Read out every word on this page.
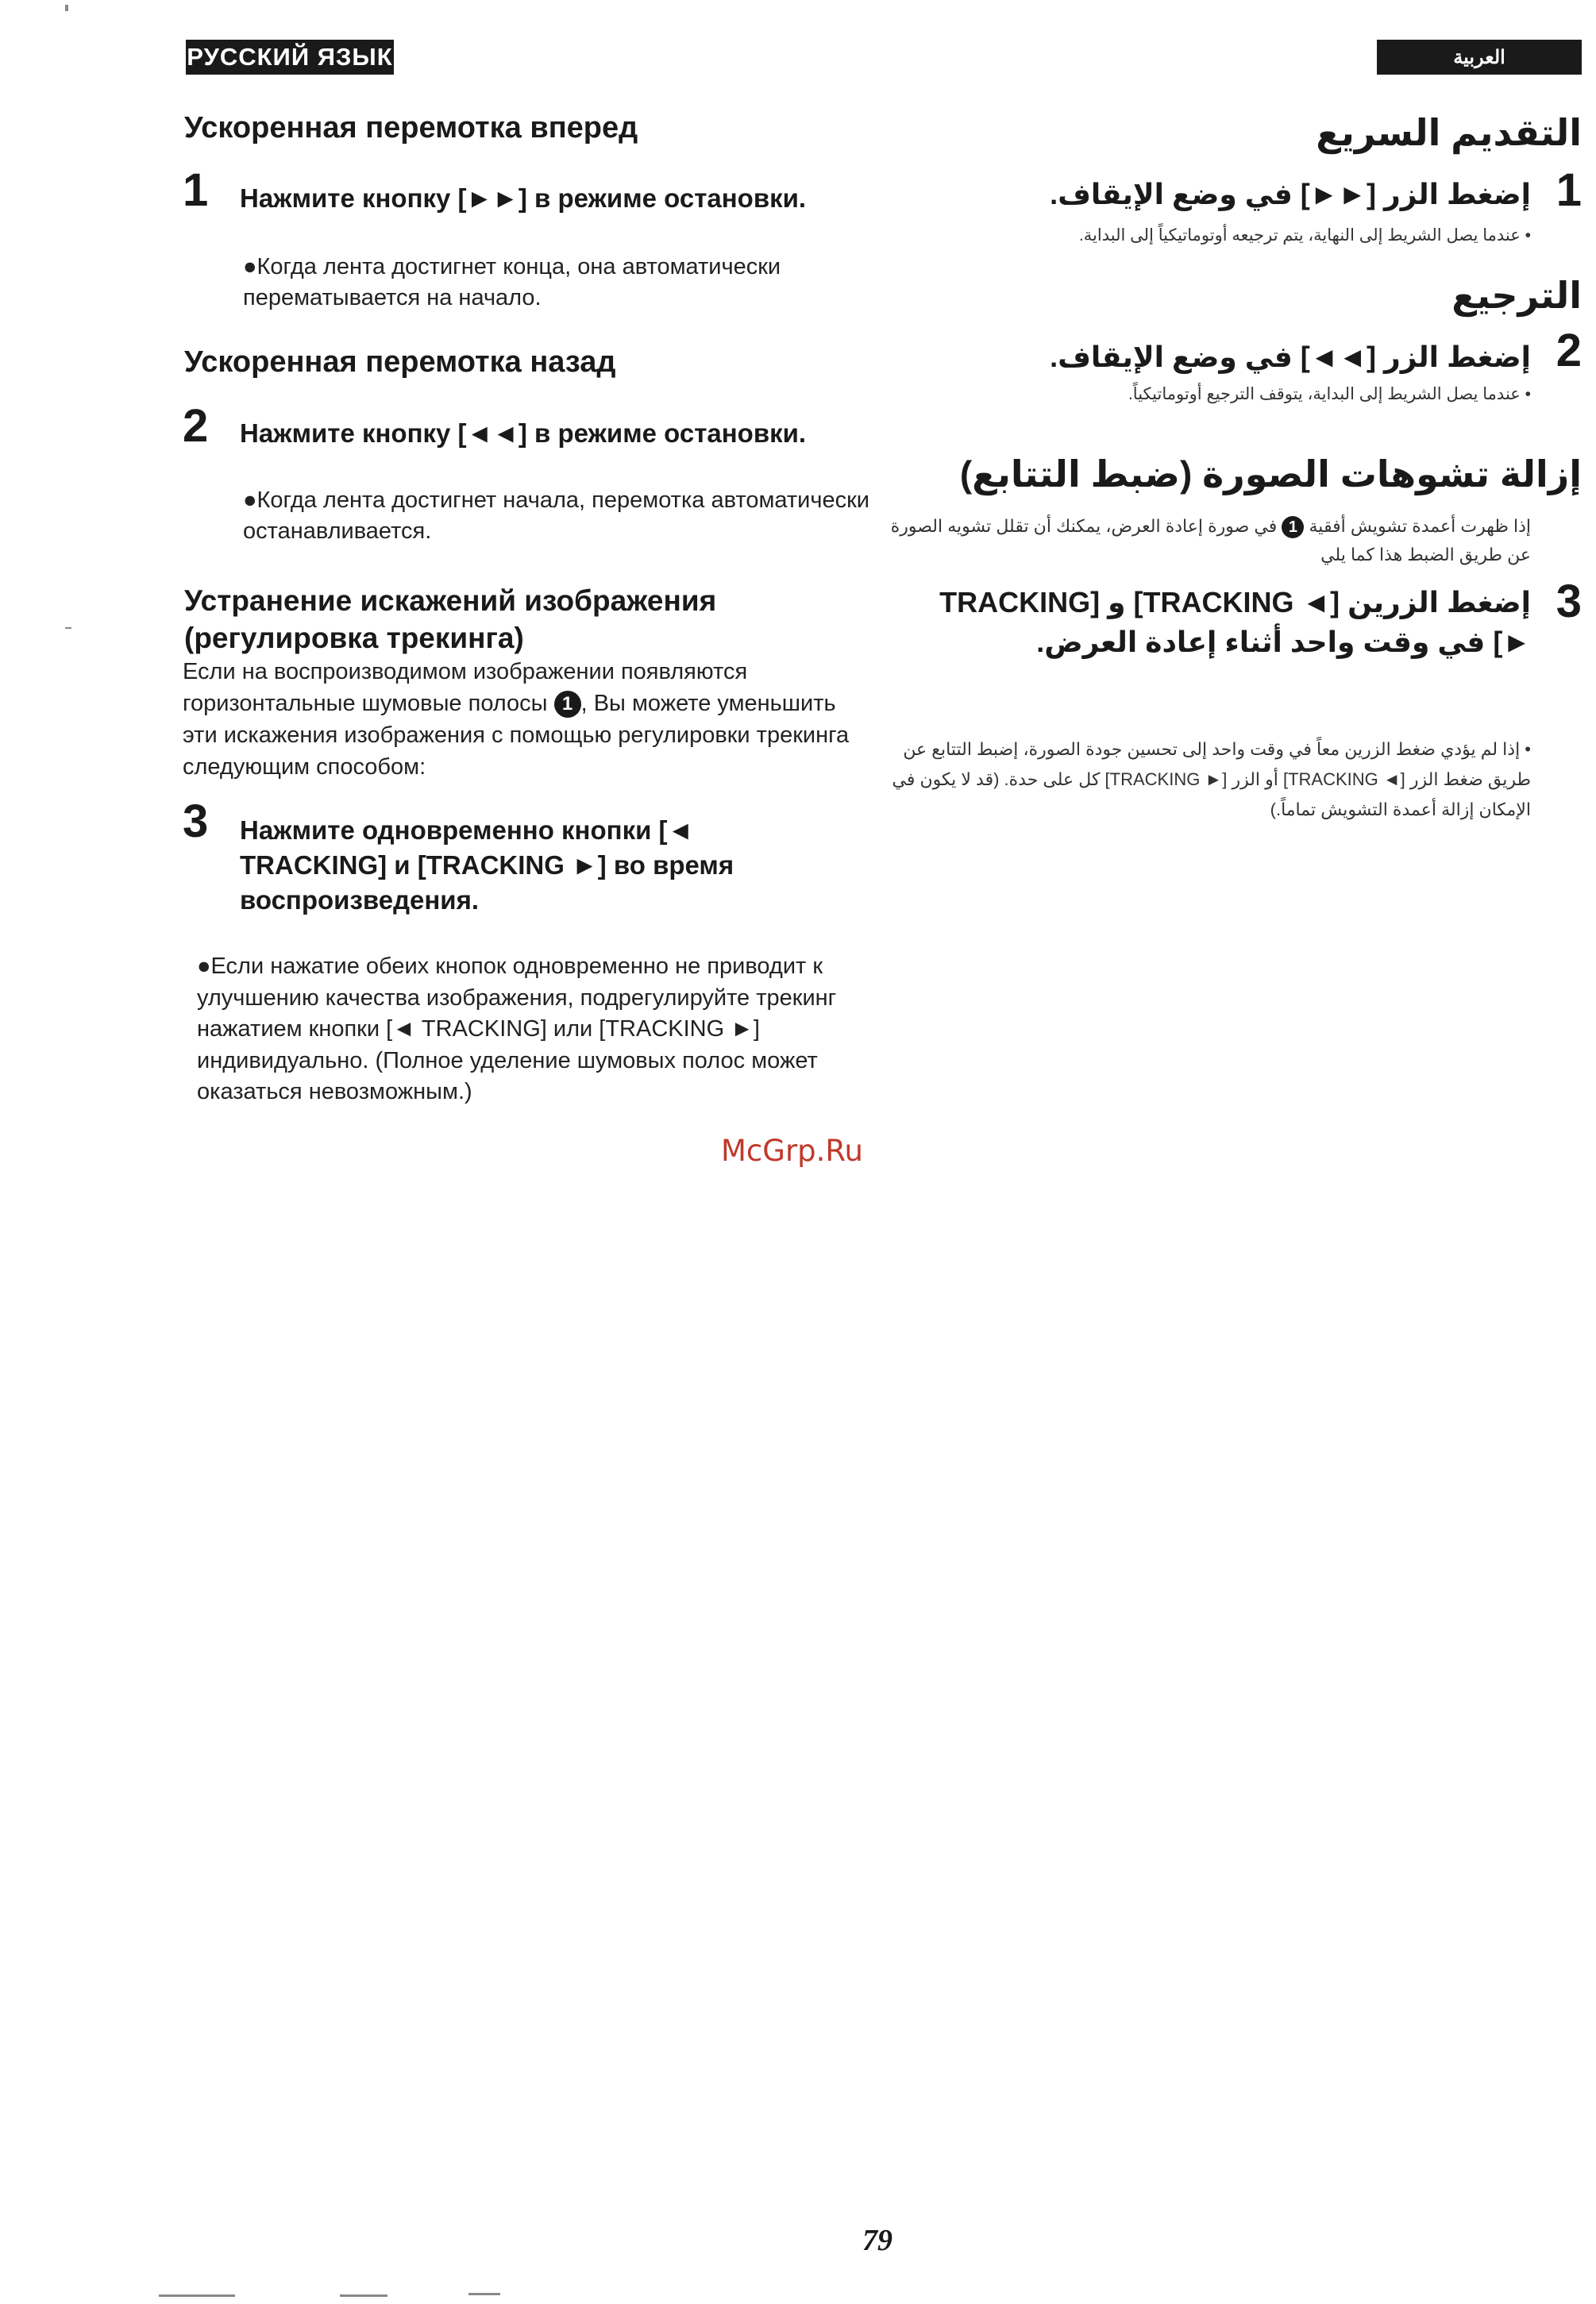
РУССКИЙ ЯЗЫК
Ускоренная перемотка вперед
1 Нажмите кнопку [►►] в режиме остановки.
●Когда лента достигнет конца, она автоматически перематывается на начало.
Ускоренная перемотка назад
2 Нажмите кнопку [◄◄] в режиме остановки.
●Когда лента достигнет начала, перемотка автоматически останавливается.
Устранение искажений изображения (регулировка трекинга)
Если на воспроизводимом изображении появляются горизонтальные шумовые полосы 1 , Вы можете уменьшить эти искажения изображения с помощью регулировки трекинга следующим способом:
3 Нажмите одновременно кнопки [◄ TRACKING] и [TRACKING ►] во время воспроизведения.
●Если нажатие обеих кнопок одновременно не приводит к улучшению качества изображения, подрегулируйте трекинг нажатием кнопки [◄ TRACKING] или [TRACKING ►] индивидуально. (Полное уделение шумовых полос может оказаться невозможным.)
العربية
التقديم السريع
1
إضغط الزر [►►] في وضع الإيقاف.
• عندما يصل الشريط إلى النهاية، يتم ترجيعه أوتوماتيكياً إلى البداية.
الترجيع
2
إضغط الزر [◄◄] في وضع الإيقاف.
• عندما يصل الشريط إلى البداية، يتوقف الترجيع أوتوماتيكياً.
إزالة تشوهات الصورة (ضبط التتابع)
إذا ظهرت أعمدة تشويش أفقية 1 في صورة إعادة العرض، يمكنك أن تقلل تشويه الصورة عن طريق الضبط هذا كما يلي
3
إضغط الزرين [◄ TRACKING] و [TRACKING ►] في وقت واحد أثناء إعادة العرض.
• إذا لم يؤدي ضغط الزرين معاً في وقت واحد إلى تحسين جودة الصورة، إضبط التتابع عن طريق ضغط الزر [◄ TRACKING] أو الزر [► TRACKING] كل على حدة. (قد لا يكون في الإمكان إزالة أعمدة التشويش تماماً.)
McGrp.Ru
79
